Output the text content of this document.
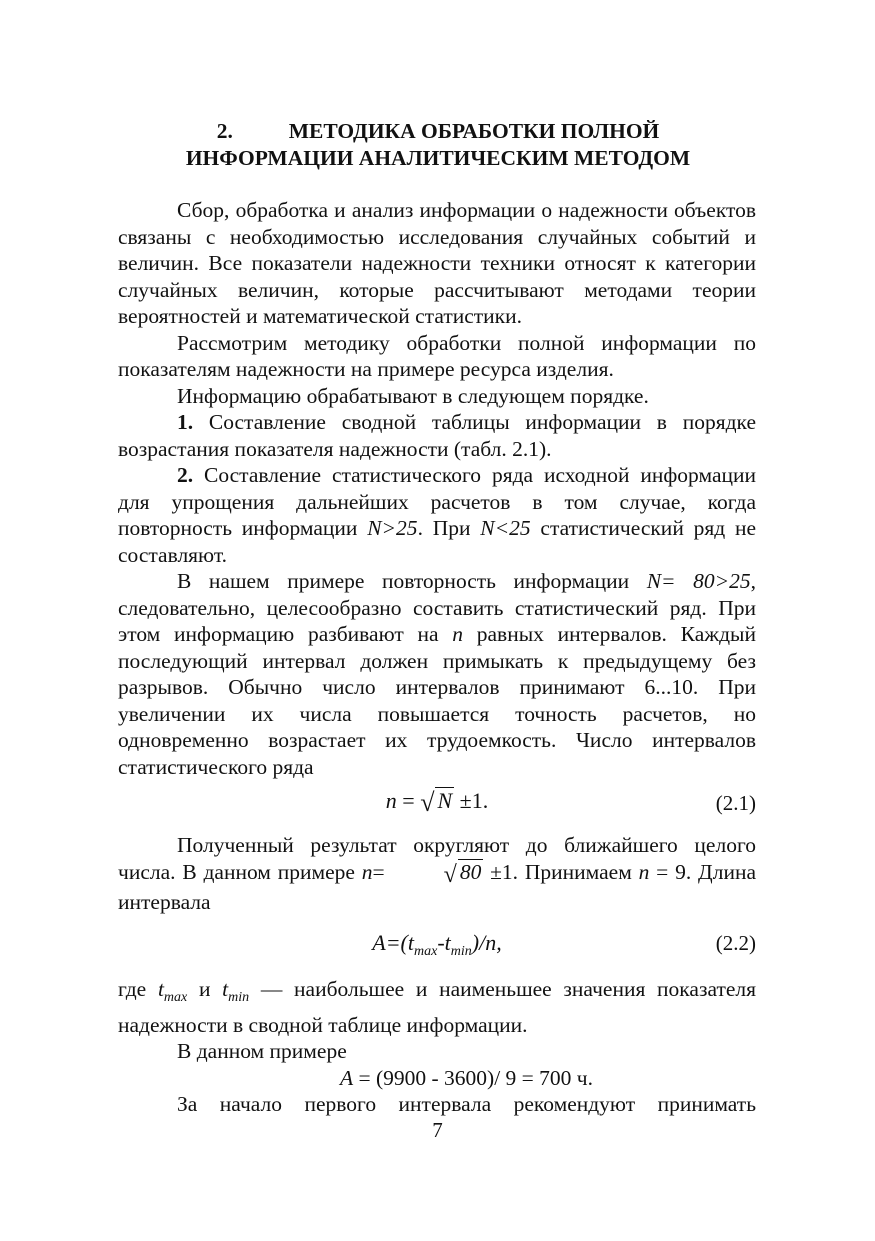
2.	МЕТОДИКА ОБРАБОТКИ ПОЛНОЙ
ИНФОРМАЦИИ АНАЛИТИЧЕСКИМ МЕТОДОМ

Сбор, обработка и анализ информации о надежности объектов связаны с необходимостью исследования случайных событий и величин. Все показатели надежности техники относят к категории случайных величин, которые рассчитывают методами теории вероятностей и математической статистики.

Рассмотрим методику обработки полной информации по показателям надежности на примере ресурса изделия.

Информацию обрабатывают в следующем порядке.

1. Составление сводной таблицы информации в порядке возрастания показателя надежности (табл. 2.1).

2. Составление статистического ряда исходной информации для упрощения дальнейших расчетов в том случае, когда повторность информации N>25. При N<25 статистический ряд не составляют.

В нашем примере повторность информации N= 80>25, следовательно, целесообразно составить статистический ряд. При этом информацию разбивают на n равных интервалов. Каждый последующий интервал должен примыкать к предыдущему без разрывов. Обычно число интервалов принимают 6...10. При увеличении их числа повышается точность расчетов, но одновременно возрастает их трудоемкость. Число интервалов статистического ряда

n = √ N ±1.	(2.1)

Полученный результат округляют до ближайшего целого числа. В данном примере n= √ 80 ±1. Принимаем n = 9. Длина интервала

$A=(t_{max}-t_{min})/n$,	(2.2)

где $t_{max}$ и $t_{min}$ — наибольшее и наименьшее значения показателя надежности в сводной таблице информации.

В данном примере

А = (9900 - 3600)/ 9 = 700 ч.

За начало первого интервала рекомендуют принимать

7
